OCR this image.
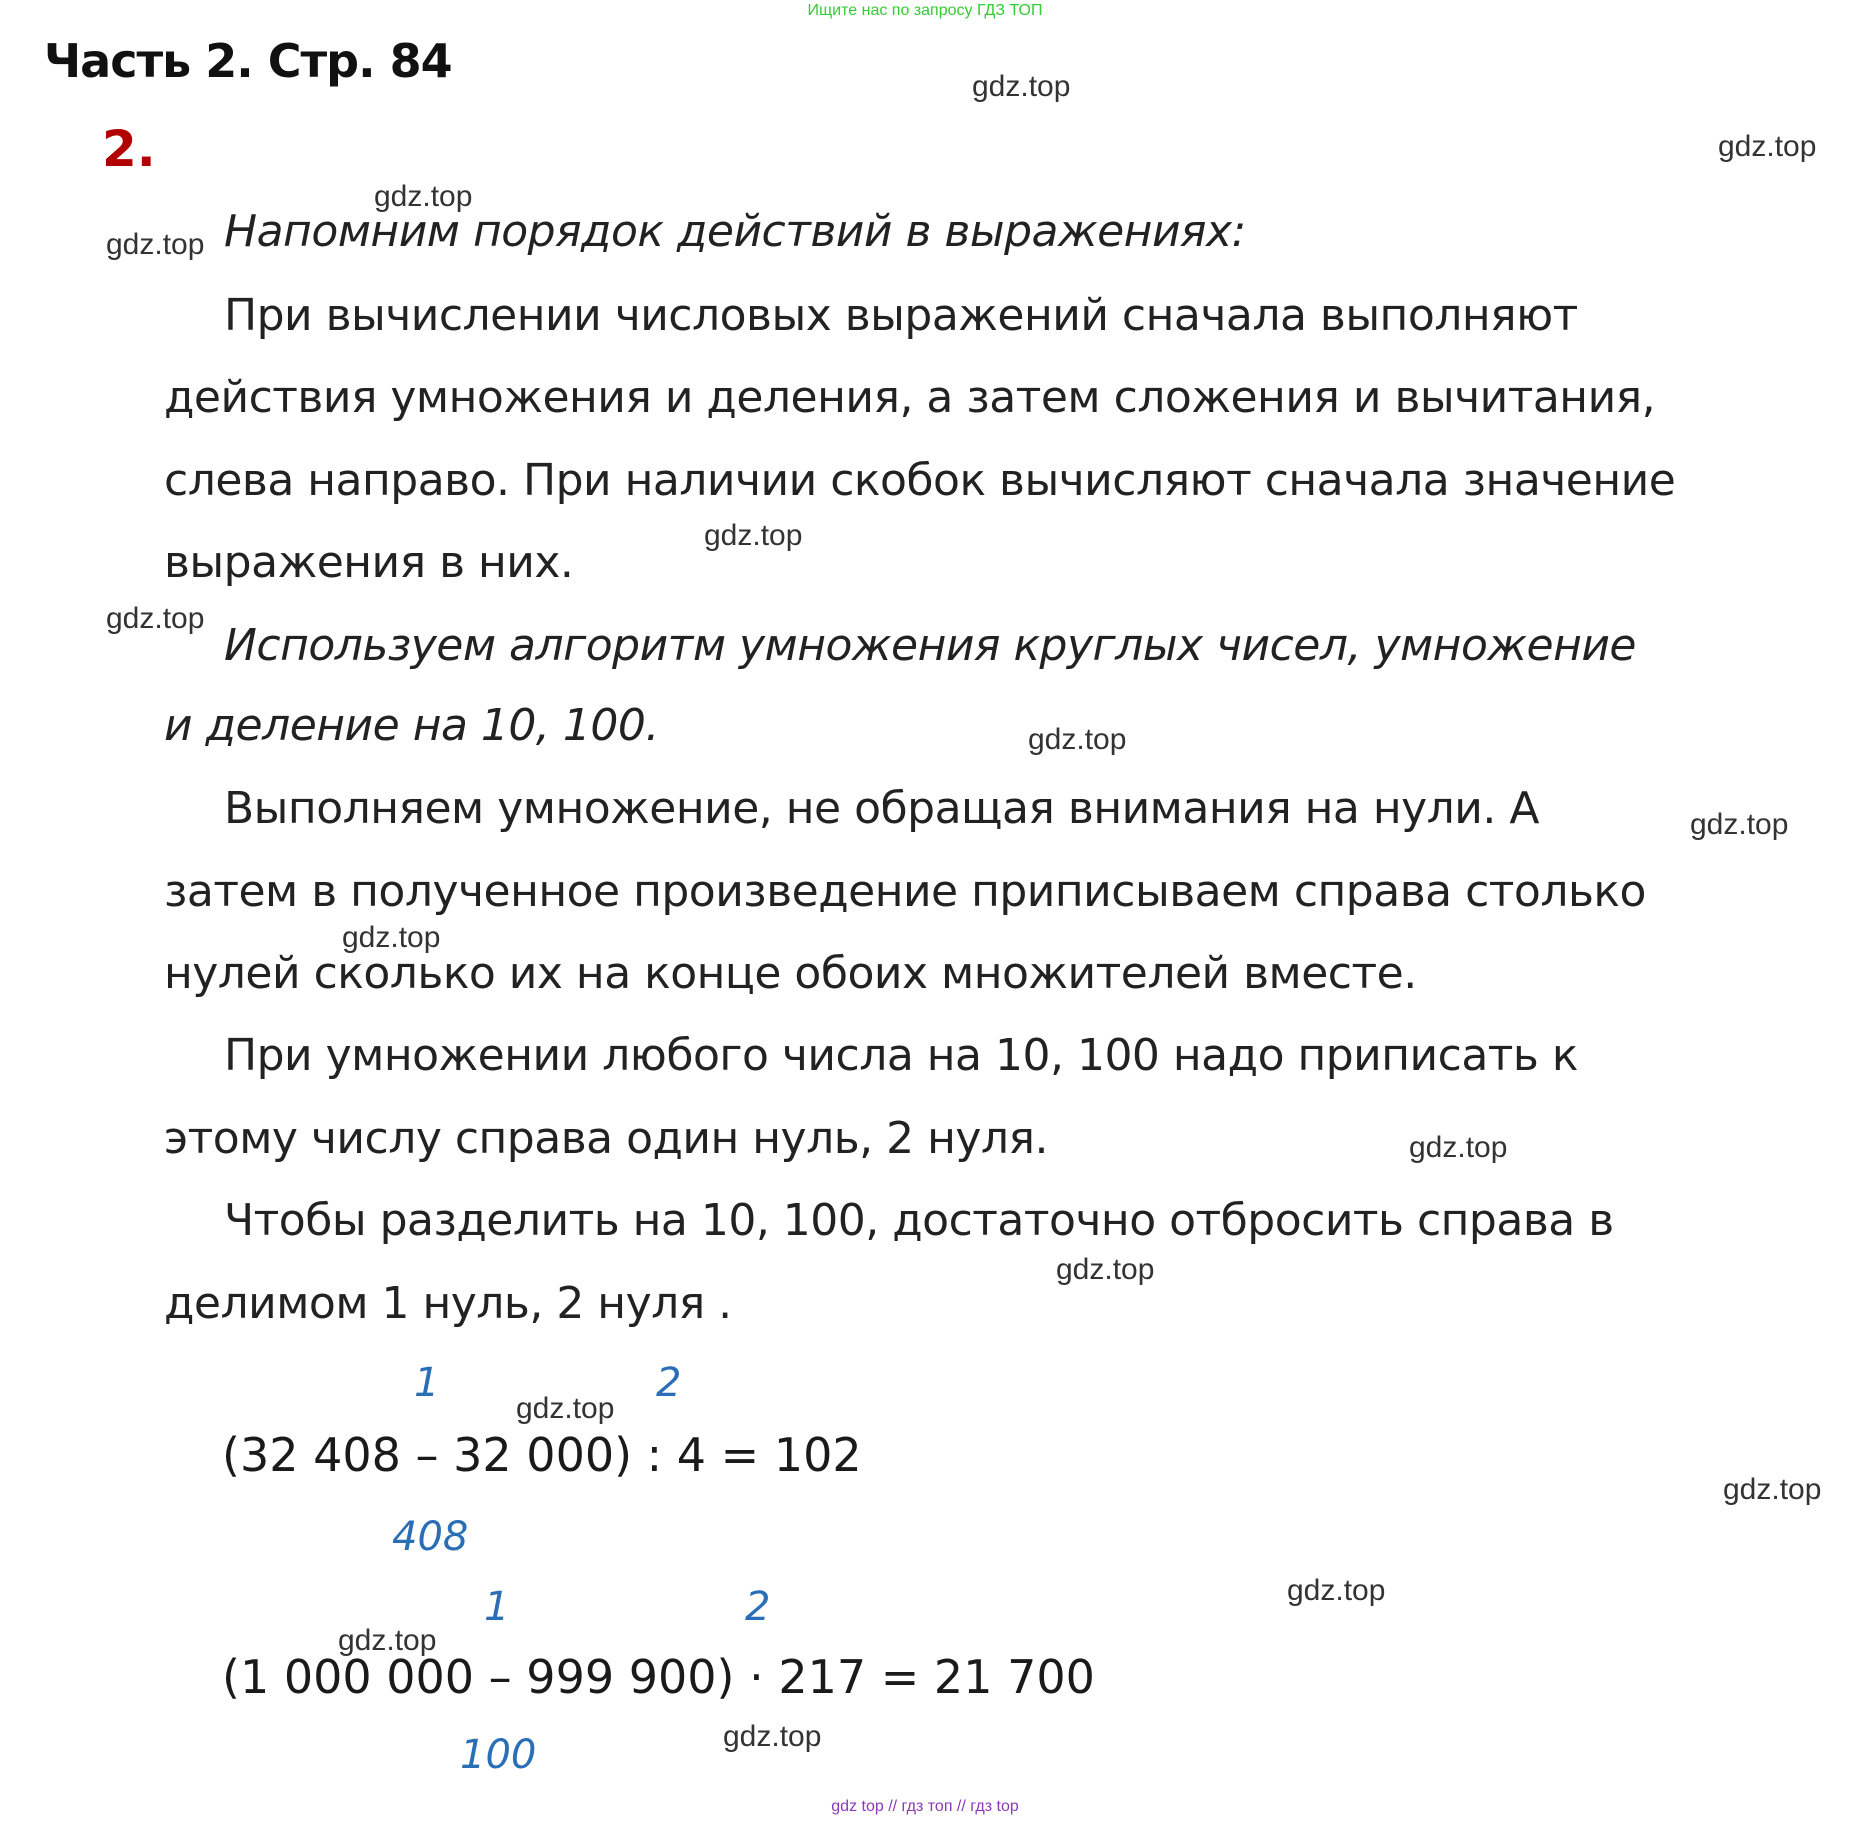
Ищите нас по запросу ГДЗ ТОП
Часть 2. Стр. 84
2.
gdz.top
gdz.top
gdz.top
gdz.top
gdz.top
gdz.top
gdz.top
gdz.top
gdz.top
gdz.top
gdz.top
gdz.top
gdz.top
gdz.top
gdz.top
gdz.top
Напомним порядок действий в выражениях:
При вычислении числовых выражений сначала выполняют
действия умножения и деления, а затем сложения и вычитания,
слева направо. При наличии скобок вычисляют сначала значение
выражения в них.
Используем алгоритм умножения круглых чисел, умножение
и деление на 10, 100.
Выполняем умножение, не обращая внимания на нули. А
затем в полученное произведение приписываем справа столько
нулей сколько их на конце обоих множителей вместе.
При умножении любого числа на 10, 100 надо приписать к
этому числу справа один нуль, 2 нуля.
Чтобы разделить на 10, 100, достаточно отбросить справа в
делимом 1 нуль, 2 нуля .
1	2
(32 408 – 32 000) : 4 = 102
408
1	2
(1 000 000 – 999 900) · 217 = 21 700
100
gdz top // гдз топ // гдз top
